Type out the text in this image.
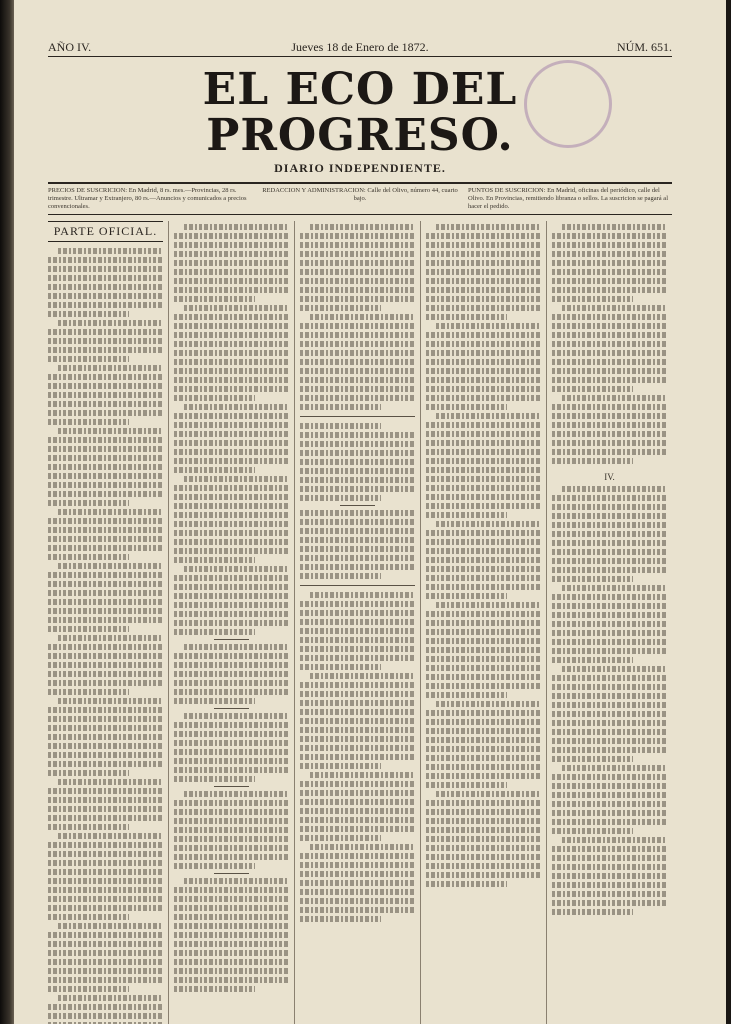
AÑO IV.	Jueves 18 de Enero de 1872.	NÚM. 651.
EL ECO DEL PROGRESO.
DIARIO INDEPENDIENTE.
PRECIOS DE SUSCRICION: En Madrid, 8 rs. mes.—Provincias, 28 rs. trimestre. Ultramar y Extranjero, 80 rs.—Anuncios y comunicados a precios convencionales.
REDACCION Y ADMINISTRACION: Calle del Olivo, número 44, cuarto bajo.
PUNTOS DE SUSCRICION: En Madrid, oficinas del periódico, calle del Olivo. En Provincias, remitiendo libranza o sellos. La suscricion se pagará al hacer el pedido.
PARTE OFICIAL.
IV.
